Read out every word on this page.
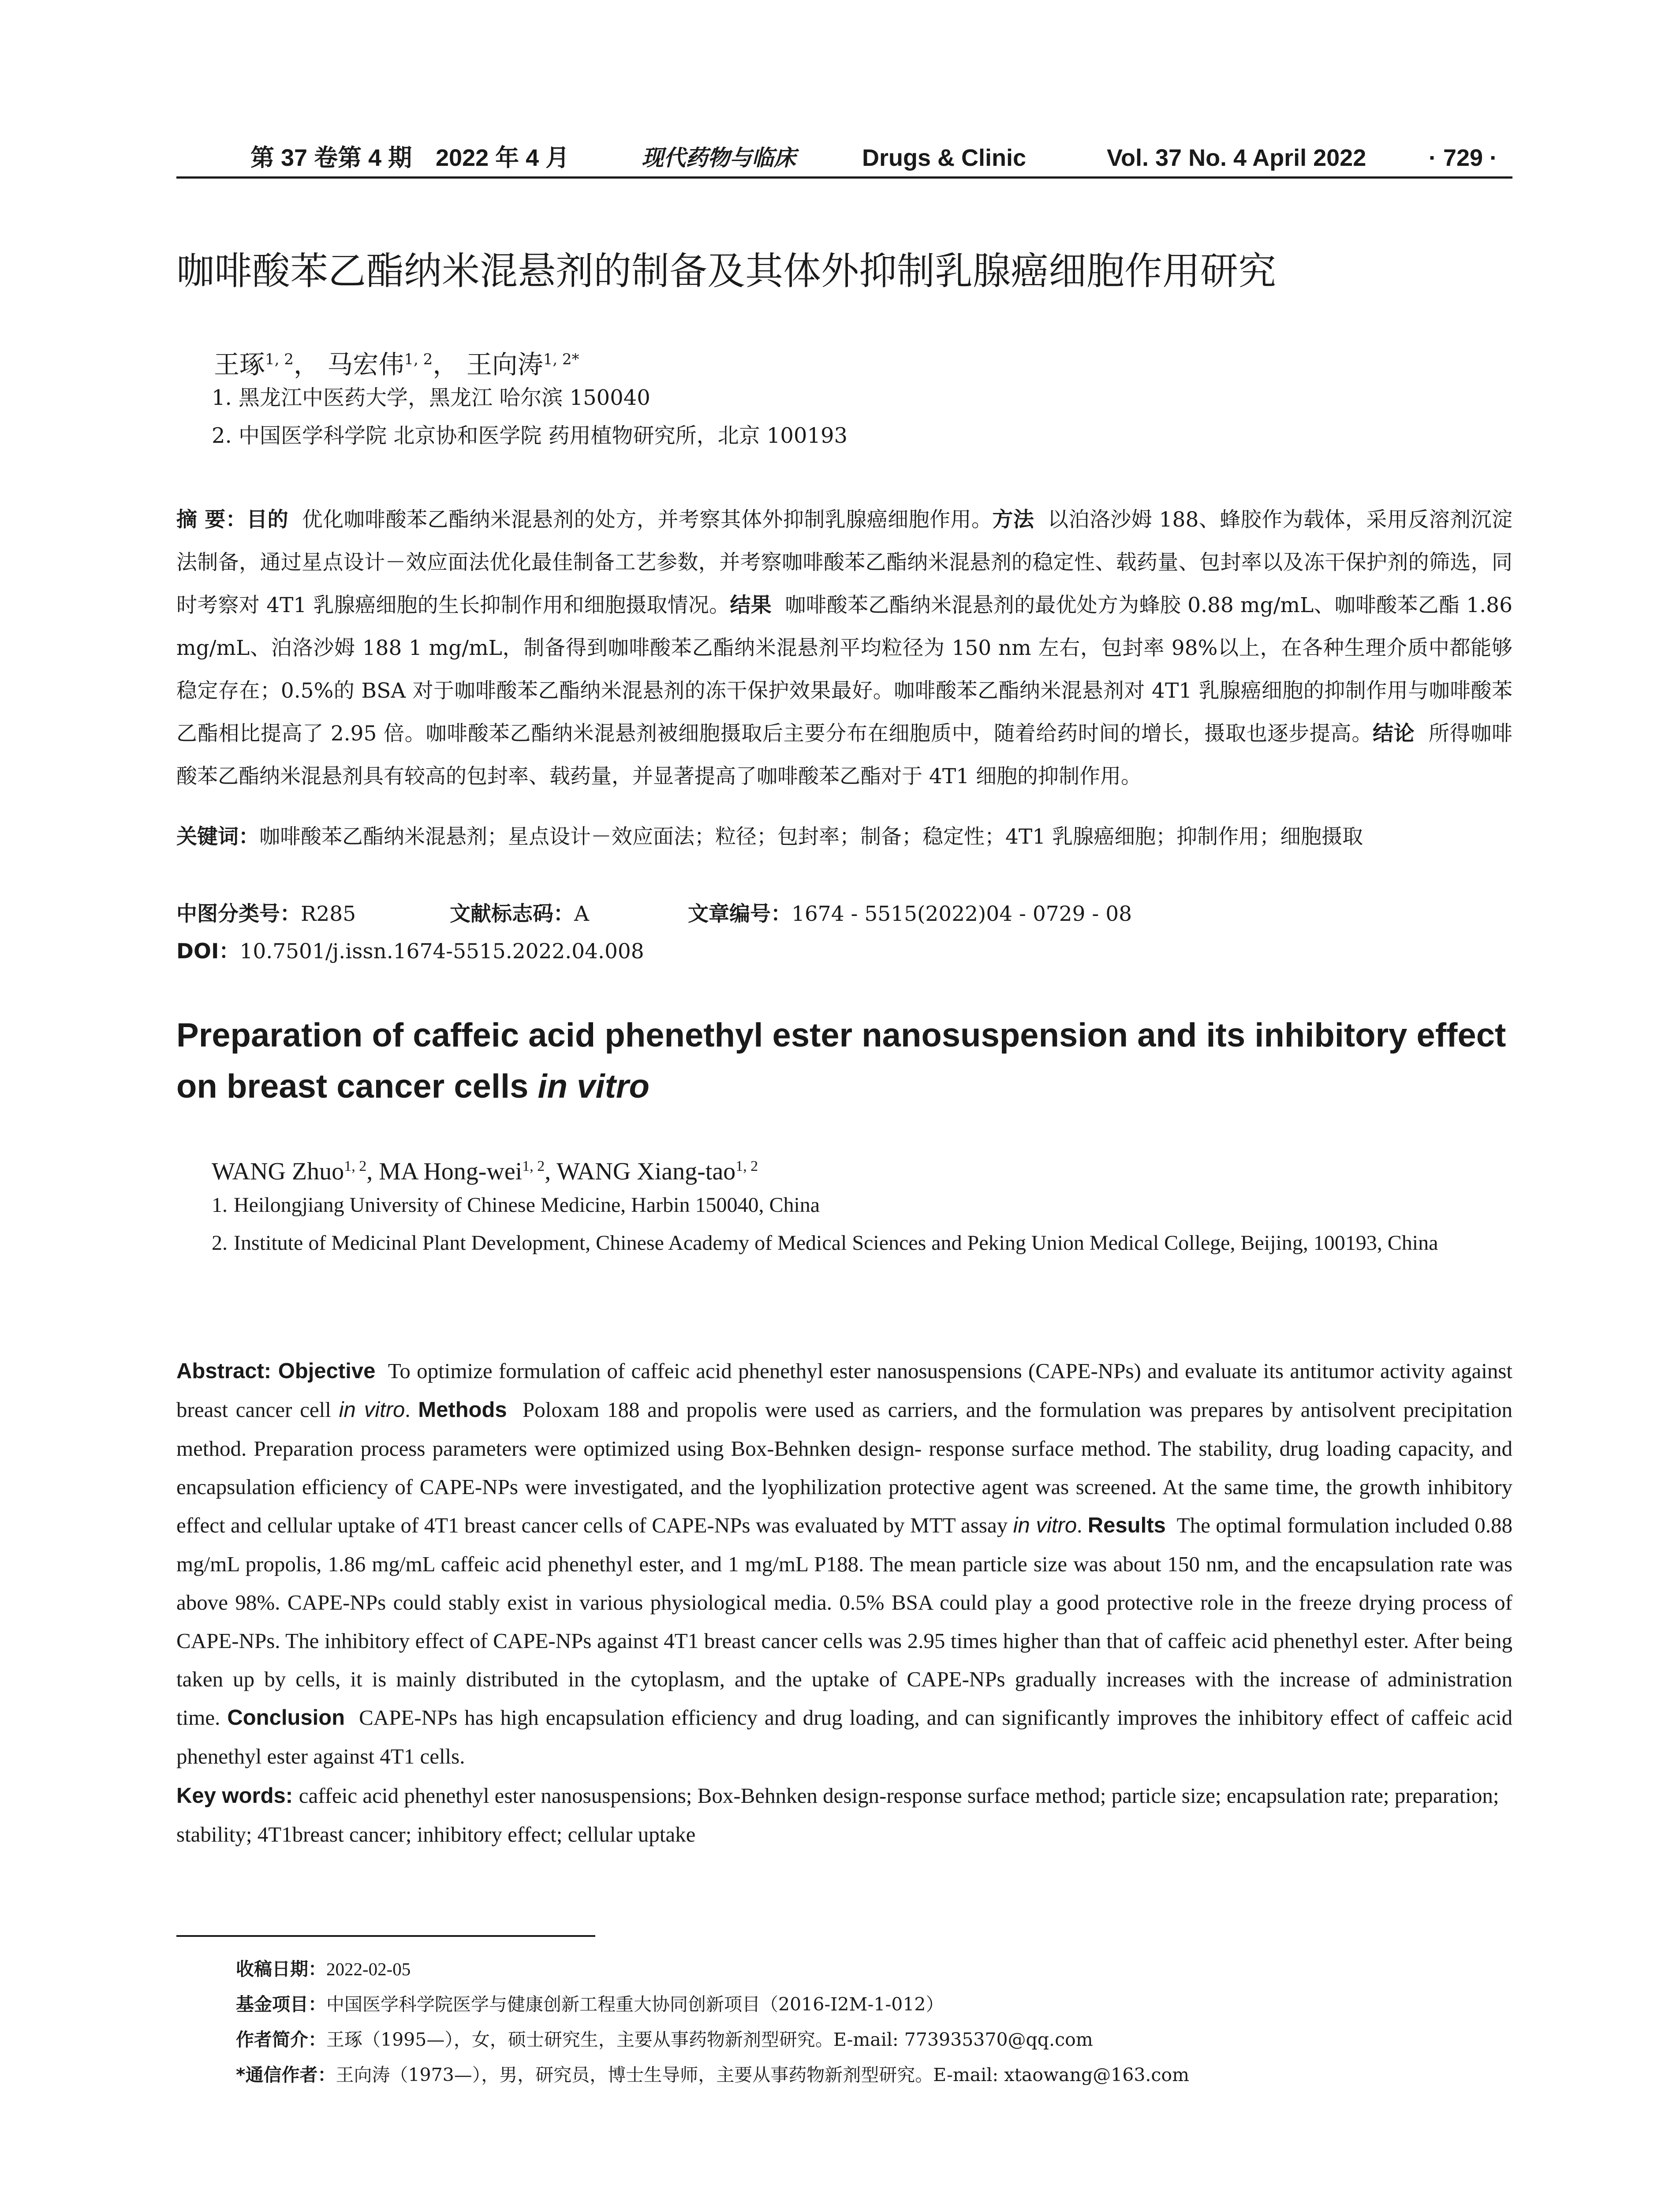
第 37 卷第 4 期 2022 年 4 月	现代药物与临床	Drugs & Clinic	Vol. 37 No. 4 April 2022	· 729 ·
咖啡酸苯乙酯纳米混悬剂的制备及其体外抑制乳腺癌细胞作用研究
王琢$^{1, 2}$， 马宏伟$^{1, 2}$， 王向涛$^{1, 2*}$
1. 黑龙江中医药大学，黑龙江 哈尔滨 150040
2. 中国医学科学院 北京协和医学院 药用植物研究所，北京 100193
摘 要：目的 优化咖啡酸苯乙酯纳米混悬剂的处方，并考察其体外抑制乳腺癌细胞作用。方法 以泊洛沙姆 188、蜂胶作为载体，采用反溶剂沉淀法制备，通过星点设计－效应面法优化最佳制备工艺参数，并考察咖啡酸苯乙酯纳米混悬剂的稳定性、载药量、包封率以及冻干保护剂的筛选，同时考察对 4T1 乳腺癌细胞的生长抑制作用和细胞摄取情况。结果 咖啡酸苯乙酯纳米混悬剂的最优处方为蜂胶 0.88 mg/mL、咖啡酸苯乙酯 1.86 mg/mL、泊洛沙姆 188 1 mg/mL，制备得到咖啡酸苯乙酯纳米混悬剂平均粒径为 150 nm 左右，包封率 98%以上，在各种生理介质中都能够稳定存在；0.5%的 BSA 对于咖啡酸苯乙酯纳米混悬剂的冻干保护效果最好。咖啡酸苯乙酯纳米混悬剂对 4T1 乳腺癌细胞的抑制作用与咖啡酸苯乙酯相比提高了 2.95 倍。咖啡酸苯乙酯纳米混悬剂被细胞摄取后主要分布在细胞质中，随着给药时间的增长，摄取也逐步提高。结论 所得咖啡酸苯乙酯纳米混悬剂具有较高的包封率、载药量，并显著提高了咖啡酸苯乙酯对于 4T1 细胞的抑制作用。
关键词：咖啡酸苯乙酯纳米混悬剂；星点设计－效应面法；粒径；包封率；制备；稳定性；4T1 乳腺癌细胞；抑制作用；细胞摄取
中图分类号：R285	文献标志码：A	文章编号：1674 - 5515(2022)04 - 0729 - 08
DOI：10.7501/j.issn.1674-5515.2022.04.008
Preparation of caffeic acid phenethyl ester nanosuspension and its inhibitory effect on breast cancer cells in vitro
WANG Zhuo$^{1, 2}$, MA Hong-wei$^{1, 2}$, WANG Xiang-tao$^{1, 2}$
1. Heilongjiang University of Chinese Medicine, Harbin 150040, China
2. Institute of Medicinal Plant Development, Chinese Academy of Medical Sciences and Peking Union Medical College, Beijing, 100193, China
Abstract: Objective To optimize formulation of caffeic acid phenethyl ester nanosuspensions (CAPE-NPs) and evaluate its antitumor activity against breast cancer cell in vitro. Methods Poloxam 188 and propolis were used as carriers, and the formulation was prepares by antisolvent precipitation method. Preparation process parameters were optimized using Box-Behnken design- response surface method. The stability, drug loading capacity, and encapsulation efficiency of CAPE-NPs were investigated, and the lyophilization protective agent was screened. At the same time, the growth inhibitory effect and cellular uptake of 4T1 breast cancer cells of CAPE-NPs was evaluated by MTT assay in vitro. Results The optimal formulation included 0.88 mg/mL propolis, 1.86 mg/mL caffeic acid phenethyl ester, and 1 mg/mL P188. The mean particle size was about 150 nm, and the encapsulation rate was above 98%. CAPE-NPs could stably exist in various physiological media. 0.5% BSA could play a good protective role in the freeze drying process of CAPE-NPs. The inhibitory effect of CAPE-NPs against 4T1 breast cancer cells was 2.95 times higher than that of caffeic acid phenethyl ester. After being taken up by cells, it is mainly distributed in the cytoplasm, and the uptake of CAPE-NPs gradually increases with the increase of administration time. Conclusion CAPE-NPs has high encapsulation efficiency and drug loading, and can significantly improves the inhibitory effect of caffeic acid phenethyl ester against 4T1 cells.
Key words: caffeic acid phenethyl ester nanosuspensions; Box-Behnken design-response surface method; particle size; encapsulation rate; preparation; stability; 4T1breast cancer; inhibitory effect; cellular uptake
收稿日期：2022-02-05
基金项目：中国医学科学院医学与健康创新工程重大协同创新项目（2016-I2M-1-012）
作者简介：王琢（1995—），女，硕士研究生，主要从事药物新剂型研究。E-mail: 773935370@qq.com
*通信作者：王向涛（1973—），男，研究员，博士生导师，主要从事药物新剂型研究。E-mail: xtaowang@163.com
